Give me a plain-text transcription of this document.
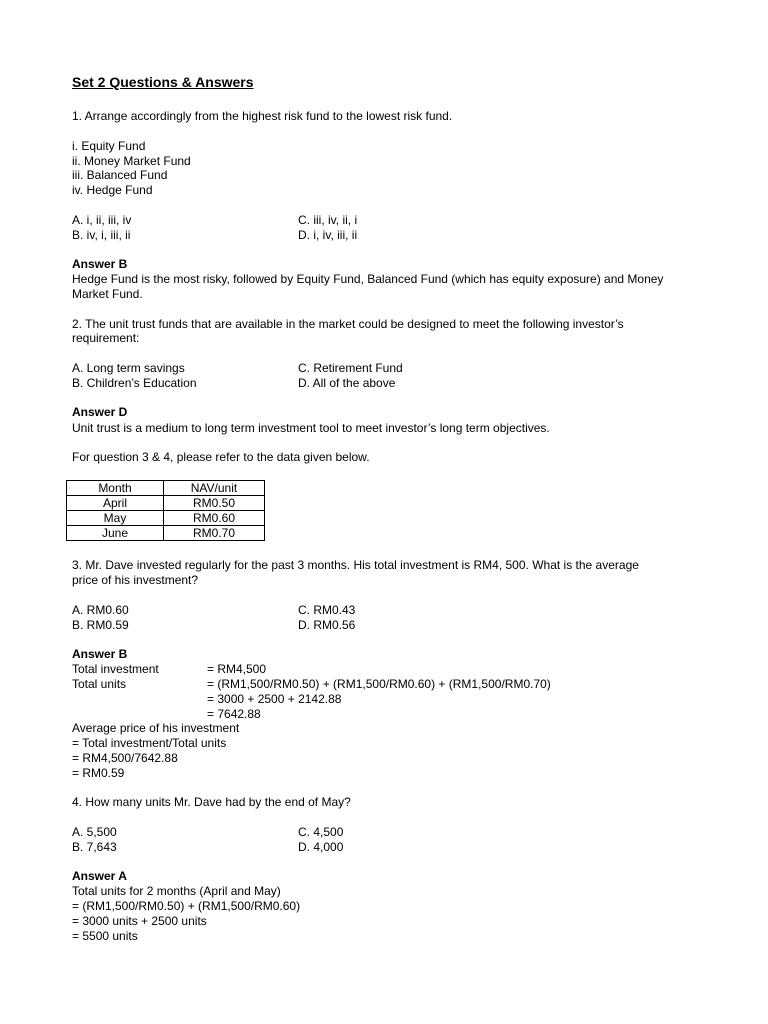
Set 2 Questions & Answers
1. Arrange accordingly from the highest risk fund to the lowest risk fund.
i. Equity Fund
ii. Money Market Fund
iii. Balanced Fund
iv. Hedge Fund
A. i, ii, iii, iv
B. iv, i, iii, ii
C. iii, iv, ii, i
D. i, iv, iii, ii
Answer B
Hedge Fund is the most risky, followed by Equity Fund, Balanced Fund (which has equity exposure) and Money
Market Fund.
2. The unit trust funds that are available in the market could be designed to meet the following investor’s
requirement:
A. Long term savings
B. Children’s Education
C. Retirement Fund
D. All of the above
Answer D
Unit trust is a medium to long term investment tool to meet investor’s long term objectives.
For question 3 & 4, please refer to the data given below.
Month	NAV/unit
April	RM0.50
May	RM0.60
June	RM0.70
3. Mr. Dave invested regularly for the past 3 months. His total investment is RM4, 500. What is the average
price of his investment?
A. RM0.60
B. RM0.59
C. RM0.43
D. RM0.56
Answer B
Total investment	= RM4,500
Total units	= (RM1,500/RM0.50) + (RM1,500/RM0.60) + (RM1,500/RM0.70)
= 3000 + 2500 + 2142.88
= 7642.88
Average price of his investment
= Total investment/Total units
= RM4,500/7642.88
= RM0.59
4. How many units Mr. Dave had by the end of May?
A. 5,500
B. 7,643
C. 4,500
D. 4,000
Answer A
Total units for 2 months (April and May)
= (RM1,500/RM0.50) + (RM1,500/RM0.60)
= 3000 units + 2500 units
= 5500 units
